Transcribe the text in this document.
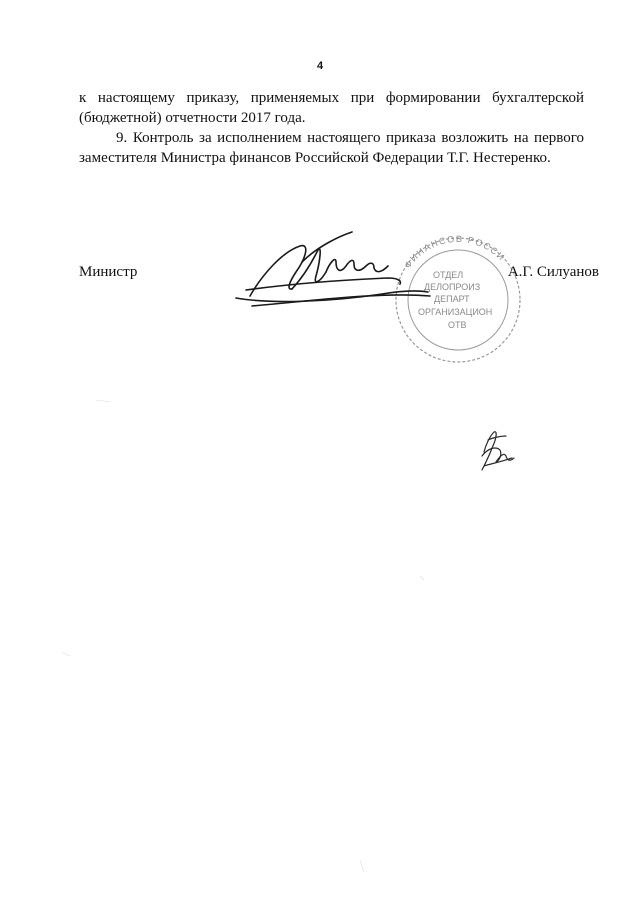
4

к настоящему приказу, применяемых при формировании бухгалтерской
(бюджетной) отчетности 2017 года.

9. Контроль за исполнением настоящего приказа возложить на первого
заместителя Министра финансов Российской Федерации Т.Г. Нестеренко.

ФИНАНСОВ РОССИ
ОТДЕЛ
ДЕЛОПРОИЗ
ДЕПАРТ
ОРГАНИЗАЦИОН
ОТВ
Министр	А.Г. Силуанов
